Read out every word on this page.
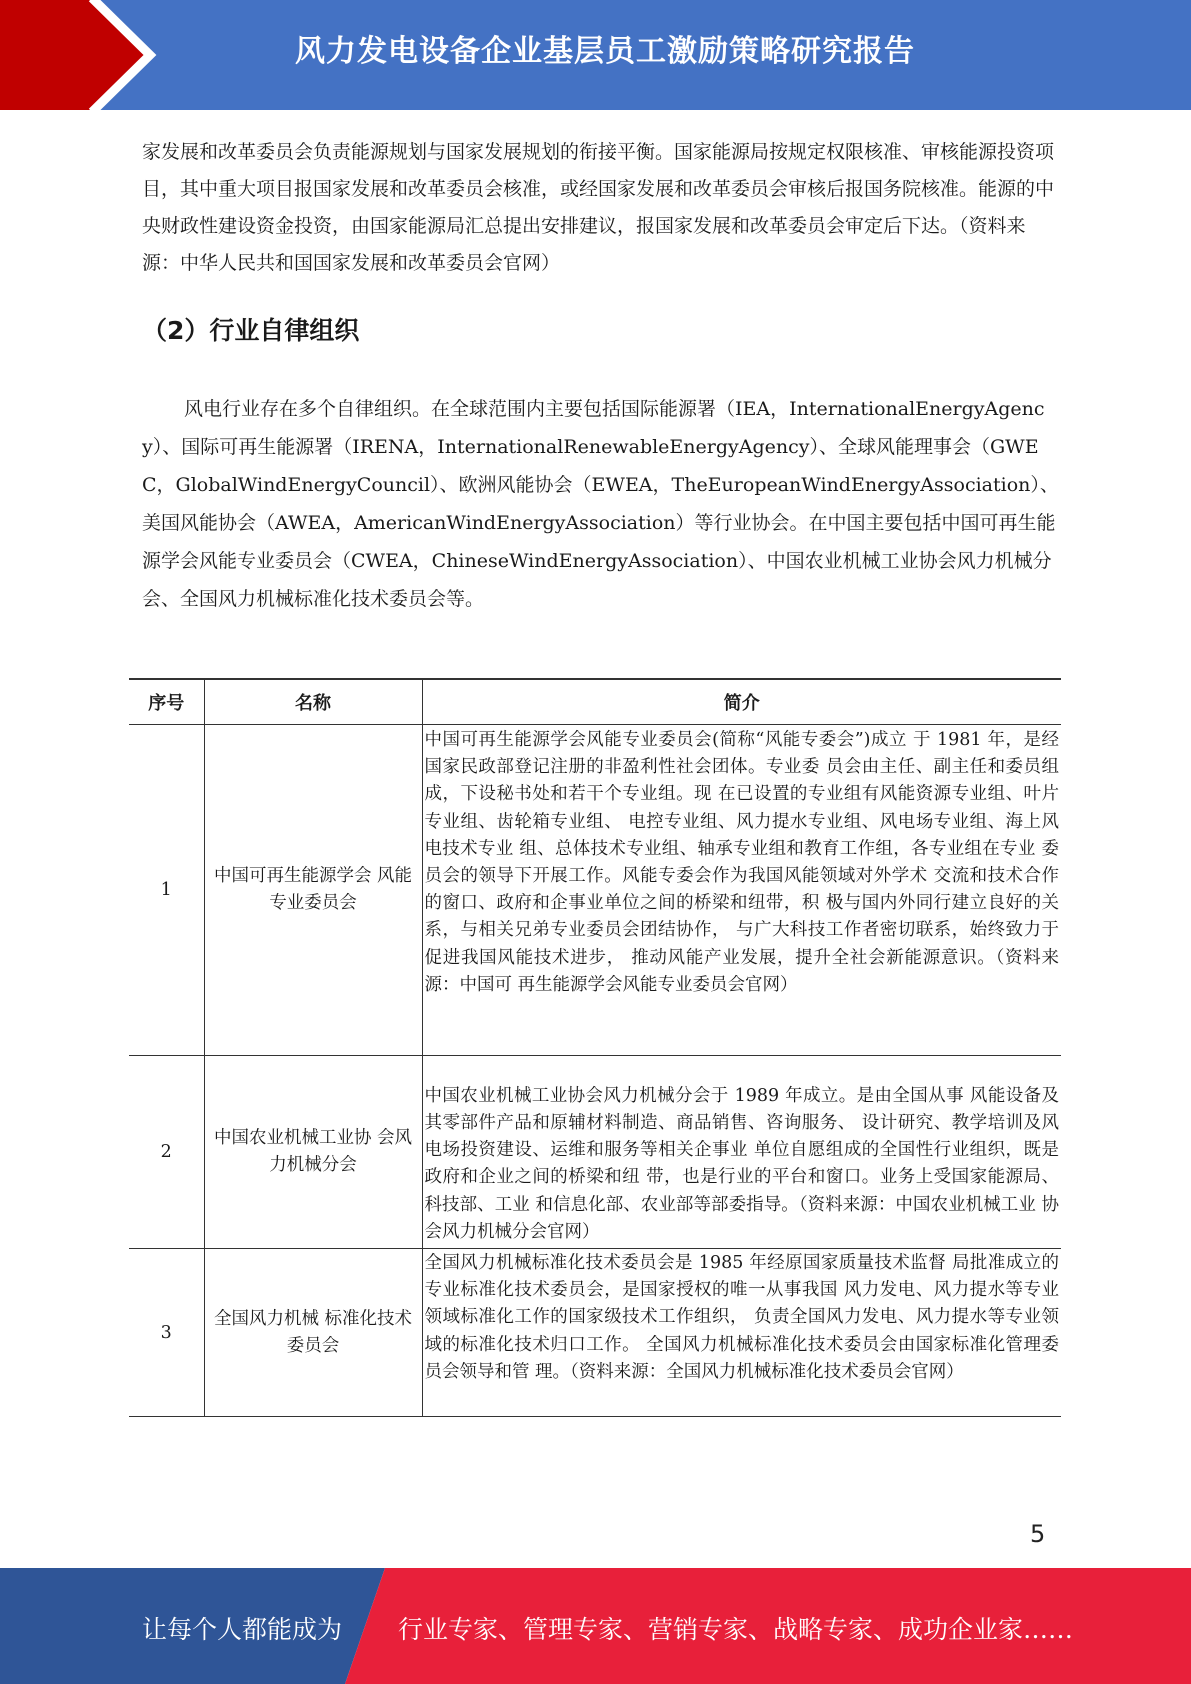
风力发电设备企业基层员工激励策略研究报告

家发展和改革委员会负责能源规划与国家发展规划的衔接平衡。国家能源局按规定权限核准、审核能源投资项目，其中重大项目报国家发展和改革委员会核准，或经国家发展和改革委员会审核后报国务院核准。能源的中央财政性建设资金投资，由国家能源局汇总提出安排建议，报国家发展和改革委员会审定后下达。（资料来源：中华人民共和国国家发展和改革委员会官网）

（2）行业自律组织

风电行业存在多个自律组织。在全球范围内主要包括国际能源署（IEA，InternationalEnergyAgency）、国际可再生能源署（IRENA，InternationalRenewableEnergyAgency）、全球风能理事会（GWEC，GlobalWindEnergyCouncil）、欧洲风能协会（EWEA，TheEuropeanWindEnergyAssociation）、美国风能协会（AWEA，AmericanWindEnergyAssociation）等行业协会。在中国主要包括中国可再生能源学会风能专业委员会（CWEA，ChineseWindEnergyAssociation）、中国农业机械工业协会风力机械分会、全国风力机械标准化技术委员会等。

序号	名称	简介
1	中国可再生能源学会 风能专业委员会	中国可再生能源学会风能专业委员会(简称“风能专委会”)成立 于 1981 年，是经国家民政部登记注册的非盈利性社会团体。专业委 员会由主任、副主任和委员组成，下设秘书处和若干个专业组。现 在已设置的专业组有风能资源专业组、叶片专业组、齿轮箱专业组、 电控专业组、风力提水专业组、风电场专业组、海上风电技术专业 组、总体技术专业组、轴承专业组和教育工作组，各专业组在专业 委员会的领导下开展工作。风能专委会作为我国风能领域对外学术 交流和技术合作的窗口、政府和企事业单位之间的桥梁和纽带，积 极与国内外同行建立良好的关系，与相关兄弟专业委员会团结协作， 与广大科技工作者密切联系，始终致力于促进我国风能技术进步， 推动风能产业发展，提升全社会新能源意识。（资料来源：中国可 再生能源学会风能专业委员会官网）
2	中国农业机械工业协 会风力机械分会	中国农业机械工业协会风力机械分会于 1989 年成立。是由全国从事 风能设备及其零部件产品和原辅材料制造、商品销售、咨询服务、 设计研究、教学培训及风电场投资建设、运维和服务等相关企事业 单位自愿组成的全国性行业组织，既是政府和企业之间的桥梁和纽 带，也是行业的平台和窗口。业务上受国家能源局、科技部、工业 和信息化部、农业部等部委指导。（资料来源：中国农业机械工业 协会风力机械分会官网）
3	全国风力机械 标准化技术委员会	全国风力机械标准化技术委员会是 1985 年经原国家质量技术监督 局批准成立的专业标准化技术委员会，是国家授权的唯一从事我国 风力发电、风力提水等专业领域标准化工作的国家级技术工作组织， 负责全国风力发电、风力提水等专业领域的标准化技术归口工作。 全国风力机械标准化技术委员会由国家标准化管理委员会领导和管 理。（资料来源：全国风力机械标准化技术委员会官网）
5
让每个人都能成为 行业专家、管理专家、营销专家、战略专家、成功企业家……
